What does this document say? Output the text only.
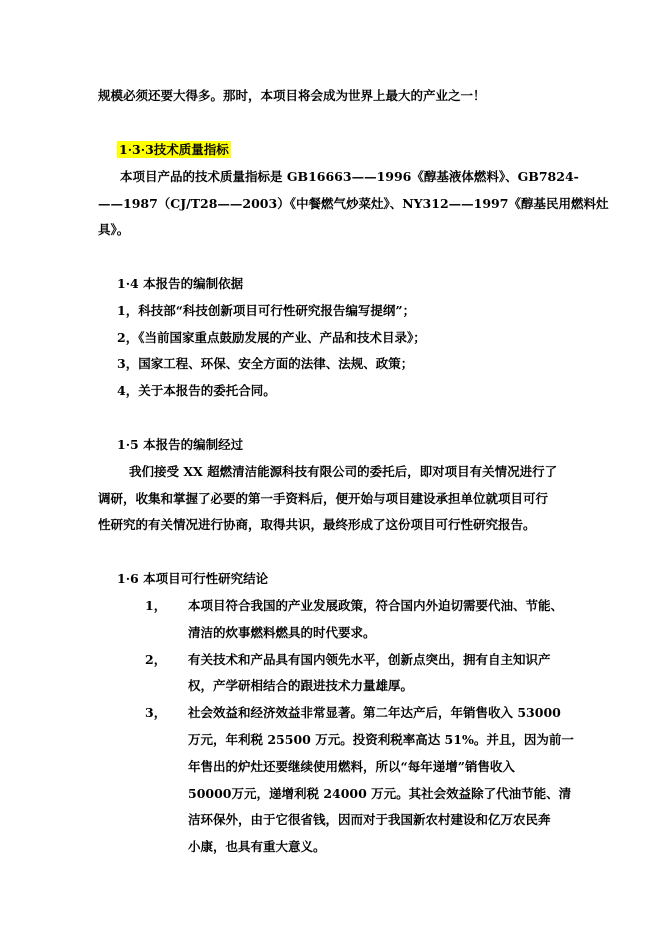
规模必须还要大得多。那时，本项目将会成为世界上最大的产业之一！
1·3·3技术质量指标
本项目产品的技术质量指标是 GB16663——1996《醇基液体燃料》、GB7824-
——1987（CJ/T28——2003）《中餐燃气炒菜灶》、NY312——1997《醇基民用燃料灶
具》。
1·4 本报告的编制依据
1，科技部“科技创新项目可行性研究报告编写提纲”；
2，《当前国家重点鼓励发展的产业、产品和技术目录》；
3，国家工程、环保、安全方面的法律、法规、政策；
4，关于本报告的委托合同。
1·5 本报告的编制经过
我们接受 XX 超燃清洁能源科技有限公司的委托后，即对项目有关情况进行了
调研，收集和掌握了必要的第一手资料后，便开始与项目建设承担单位就项目可行
性研究的有关情况进行协商，取得共识，最终形成了这份项目可行性研究报告。
1·6 本项目可行性研究结论
1， 本项目符合我国的产业发展政策，符合国内外迫切需要代油、节能、
清洁的炊事燃料燃具的时代要求。
2， 有关技术和产品具有国内领先水平，创新点突出，拥有自主知识产
权，产学研相结合的跟进技术力量雄厚。
3， 社会效益和经济效益非常显著。第二年达产后，年销售收入 53000
万元，年利税 25500 万元。投资利税率高达 51%。并且，因为前一
年售出的炉灶还要继续使用燃料，所以“每年递增”销售收入
50000万元，递增利税 24000 万元。其社会效益除了代油节能、清
洁环保外，由于它很省钱，因而对于我国新农村建设和亿万农民奔
小康，也具有重大意义。
